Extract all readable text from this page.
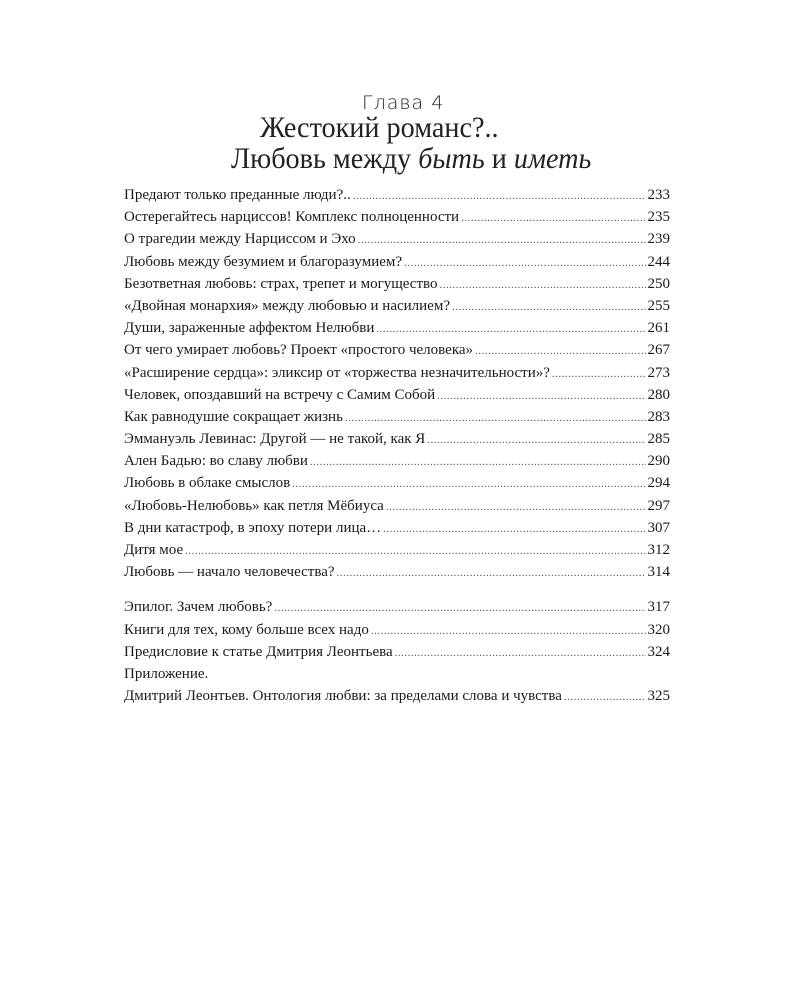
Глава 4
Жестокий романс?..
Любовь между быть и иметь
Предают только преданные люди?.. .....	233
Остерегайтесь нарциссов! Комплекс полноценности .....	235
О трагедии между Нарциссом и Эхо .....	239
Любовь между безумием и благоразумием? .....	244
Безответная любовь: страх, трепет и могущество .....	250
«Двойная монархия» между любовью и насилием? .....	255
Души, зараженные аффектом Нелюбви .....	261
От чего умирает любовь? Проект «простого человека» .....	267
«Расширение сердца»: эликсир от «торжества незначительности»? .....	273
Человек, опоздавший на встречу с Самим Собой .....	280
Как равнодушие сокращает жизнь .....	283
Эммануэль Левинас: Другой — не такой, как Я .....	285
Ален Бадью: во славу любви .....	290
Любовь в облаке смыслов .....	294
«Любовь-Нелюбовь» как петля Мёбиуса .....	297
В дни катастроф, в эпоху потери лица… .....	307
Дитя мое .....	312
Любовь — начало человечества? .....	314
Эпилог. Зачем любовь? .....	317
Книги для тех, кому больше всех надо .....	320
Предисловие к статье Дмитрия Леонтьева .....	324
Приложение.
Дмитрий Леонтьев. Онтология любви: за пределами слова и чувства .....	325
